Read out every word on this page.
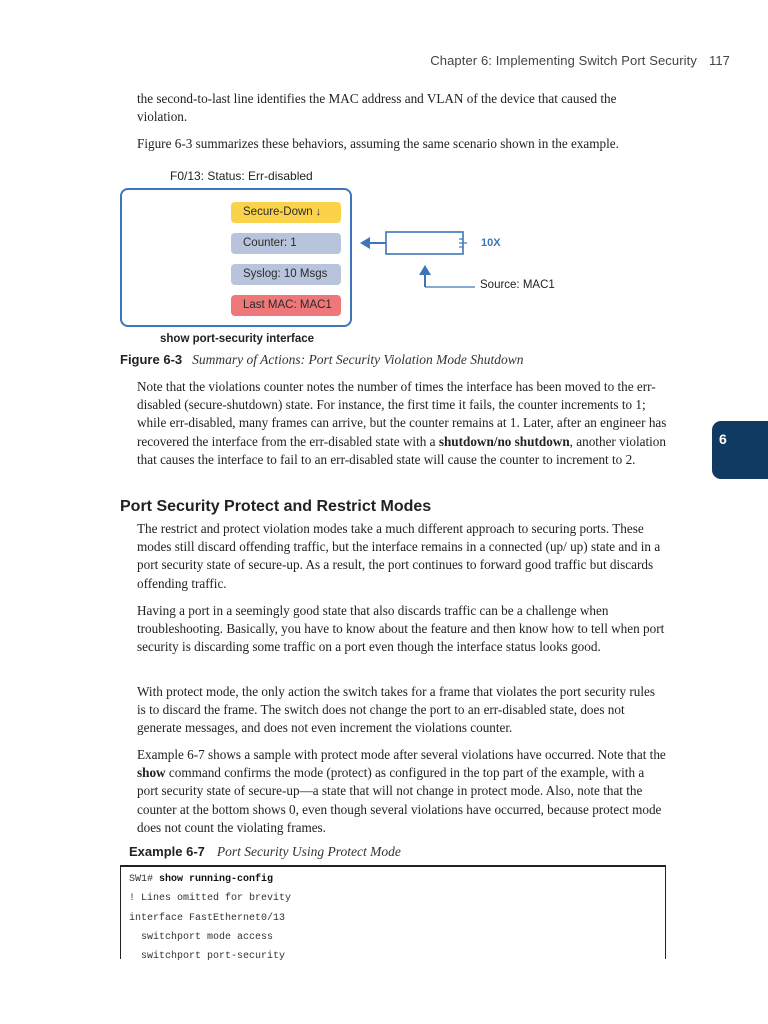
Chapter 6: Implementing Switch Port Security 117
the second-to-last line identifies the MAC address and VLAN of the device that caused the violation.
Figure 6-3 summarizes these behaviors, assuming the same scenario shown in the example.
F0/13: Status: Err-disabled
Secure-Down ↓
Counter: 1
Syslog: 10 Msgs
Last MAC: MAC1
10X
Source: MAC1
show port-security interface
Figure 6-3 Summary of Actions: Port Security Violation Mode Shutdown
Note that the violations counter notes the number of times the interface has been moved to the err-disabled (secure-shutdown) state. For instance, the first time it fails, the counter increments to 1; while err-disabled, many frames can arrive, but the counter remains at 1. Later, after an engineer has recovered the interface from the err-disabled state with a shutdown/no shutdown, another violation that causes the interface to fail to an err-disabled state will cause the counter to increment to 2.
6
Port Security Protect and Restrict Modes
The restrict and protect violation modes take a much different approach to securing ports. These modes still discard offending traffic, but the interface remains in a connected (up/ up) state and in a port security state of secure-up. As a result, the port continues to forward good traffic but discards offending traffic.
Having a port in a seemingly good state that also discards traffic can be a challenge when troubleshooting. Basically, you have to know about the feature and then know how to tell when port security is discarding some traffic on a port even though the interface status looks good.
With protect mode, the only action the switch takes for a frame that violates the port security rules is to discard the frame. The switch does not change the port to an err-disabled state, does not generate messages, and does not even increment the violations counter.
Example 6-7 shows a sample with protect mode after several violations have occurred. Note that the show command confirms the mode (protect) as configured in the top part of the example, with a port security state of secure-up—a state that will not change in protect mode. Also, note that the counter at the bottom shows 0, even though several violations have occurred, because protect mode does not count the violating frames.
Example 6-7 Port Security Using Protect Mode
SW1# show running-config
! Lines omitted for brevity
interface FastEthernet0/13
switchport mode access
switchport port-security
